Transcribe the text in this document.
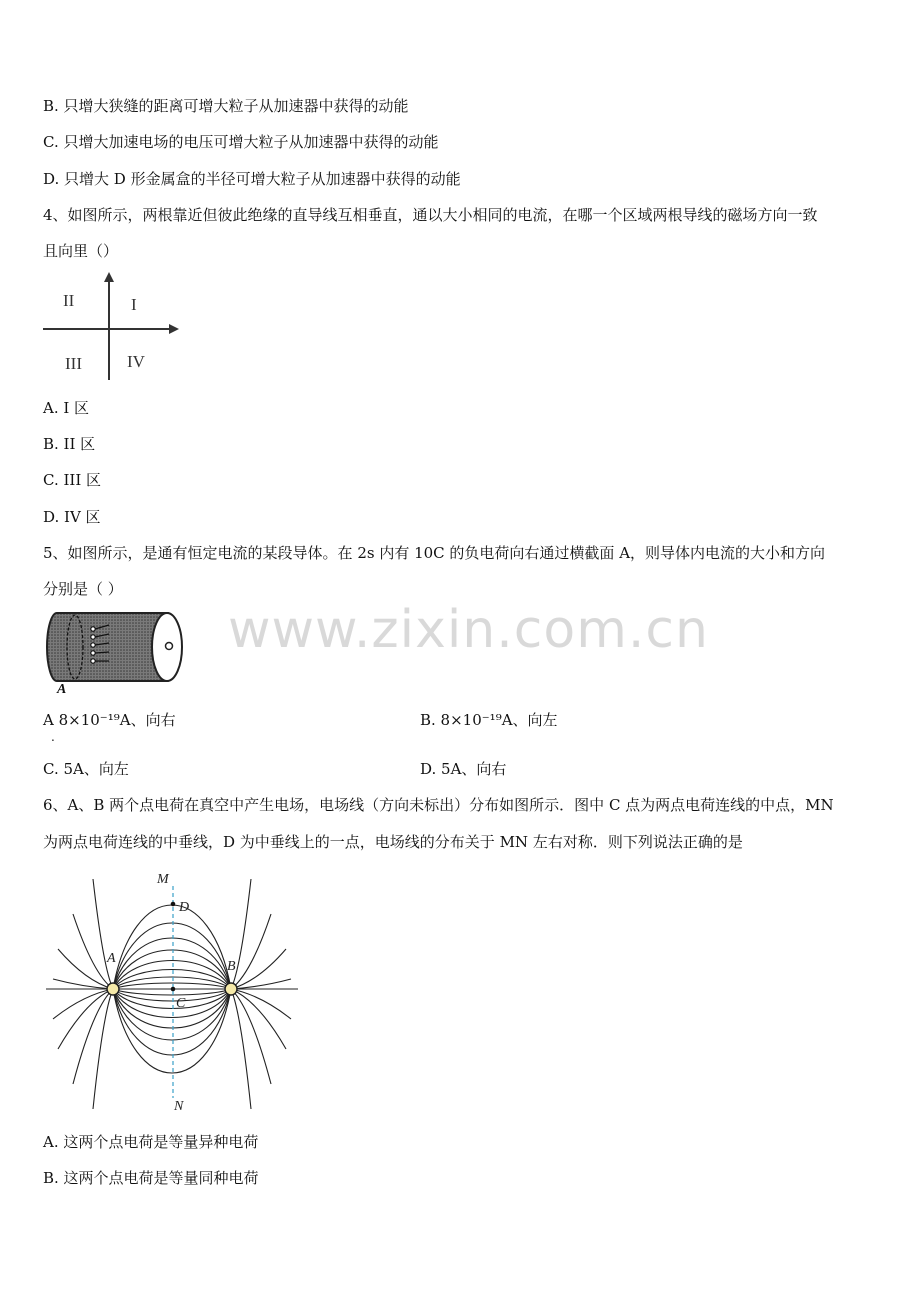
www.zixin.com.cn
B. 只增大狭缝的距离可增大粒子从加速器中获得的动能
C. 只增大加速电场的电压可增大粒子从加速器中获得的动能
D. 只增大 D 形金属盒的半径可增大粒子从加速器中获得的动能
4、如图所示，两根靠近但彼此绝缘的直导线互相垂直，通以大小相同的电流，在哪一个区域两根导线的磁场方向一致
且向里（）
II	I
III	IV
A. I 区
B. II 区
C. III 区
D. IV 区
5、如图所示，是通有恒定电流的某段导体。在 2s 内有 10C 的负电荷向右通过横截面 A，则导体内电流的大小和方向
分别是（ ）
A
A 8×10⁻¹⁹A、向右
.
B. 8×10⁻¹⁹A、向左
C. 5A、向左	D. 5A、向右
6、A、B 两个点电荷在真空中产生电场，电场线（方向未标出）分布如图所示．图中 C 点为两点电荷连线的中点，MN
为两点电荷连线的中垂线，D 为中垂线上的一点，电场线的分布关于 MN 左右对称．则下列说法正确的是
M
D
A
B
C
N
A. 这两个点电荷是等量异种电荷
B. 这两个点电荷是等量同种电荷
